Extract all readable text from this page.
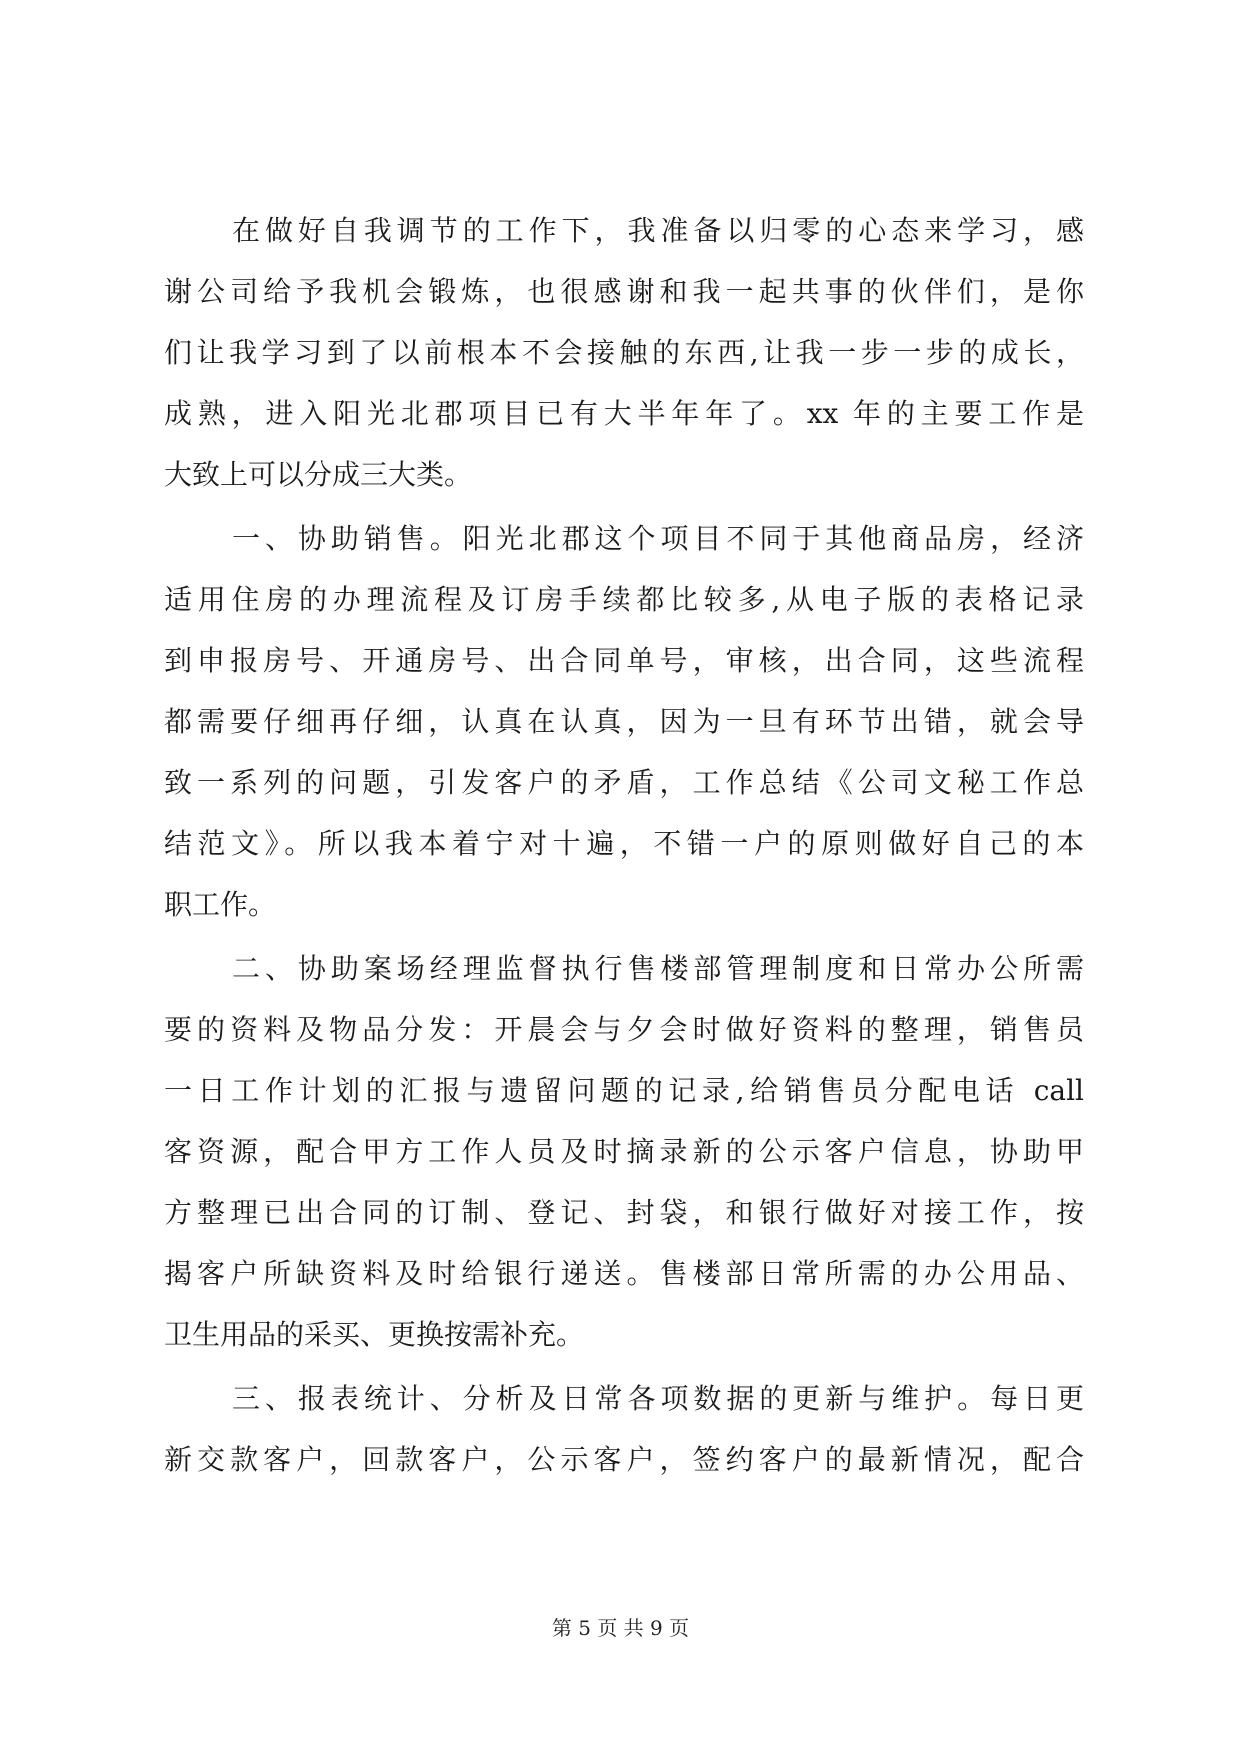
在做好自我调节的工作下，我准备以归零的心态来学习，感
谢公司给予我机会锻炼，也很感谢和我一起共事的伙伴们，是你
们让我学习到了以前根本不会接触的东西,让我一步一步的成长，
成熟，进入阳光北郡项目已有大半年年了。xx 年的主要工作是
大致上可以分成三大类。
一、协助销售。阳光北郡这个项目不同于其他商品房，经济
适用住房的办理流程及订房手续都比较多,从电子版的表格记录
到申报房号、开通房号、出合同单号，审核，出合同，这些流程
都需要仔细再仔细，认真在认真，因为一旦有环节出错，就会导
致一系列的问题，引发客户的矛盾，工作总结《公司文秘工作总
结范文》。所以我本着宁对十遍，不错一户的原则做好自己的本
职工作。
二、协助案场经理监督执行售楼部管理制度和日常办公所需
要的资料及物品分发：开晨会与夕会时做好资料的整理，销售员
一日工作计划的汇报与遗留问题的记录,给销售员分配电话 call
客资源，配合甲方工作人员及时摘录新的公示客户信息，协助甲
方整理已出合同的订制、登记、封袋，和银行做好对接工作，按
揭客户所缺资料及时给银行递送。售楼部日常所需的办公用品、
卫生用品的采买、更换按需补充。
三、报表统计、分析及日常各项数据的更新与维护。每日更
新交款客户，回款客户，公示客户，签约客户的最新情况，配合
第 5 页 共 9 页
